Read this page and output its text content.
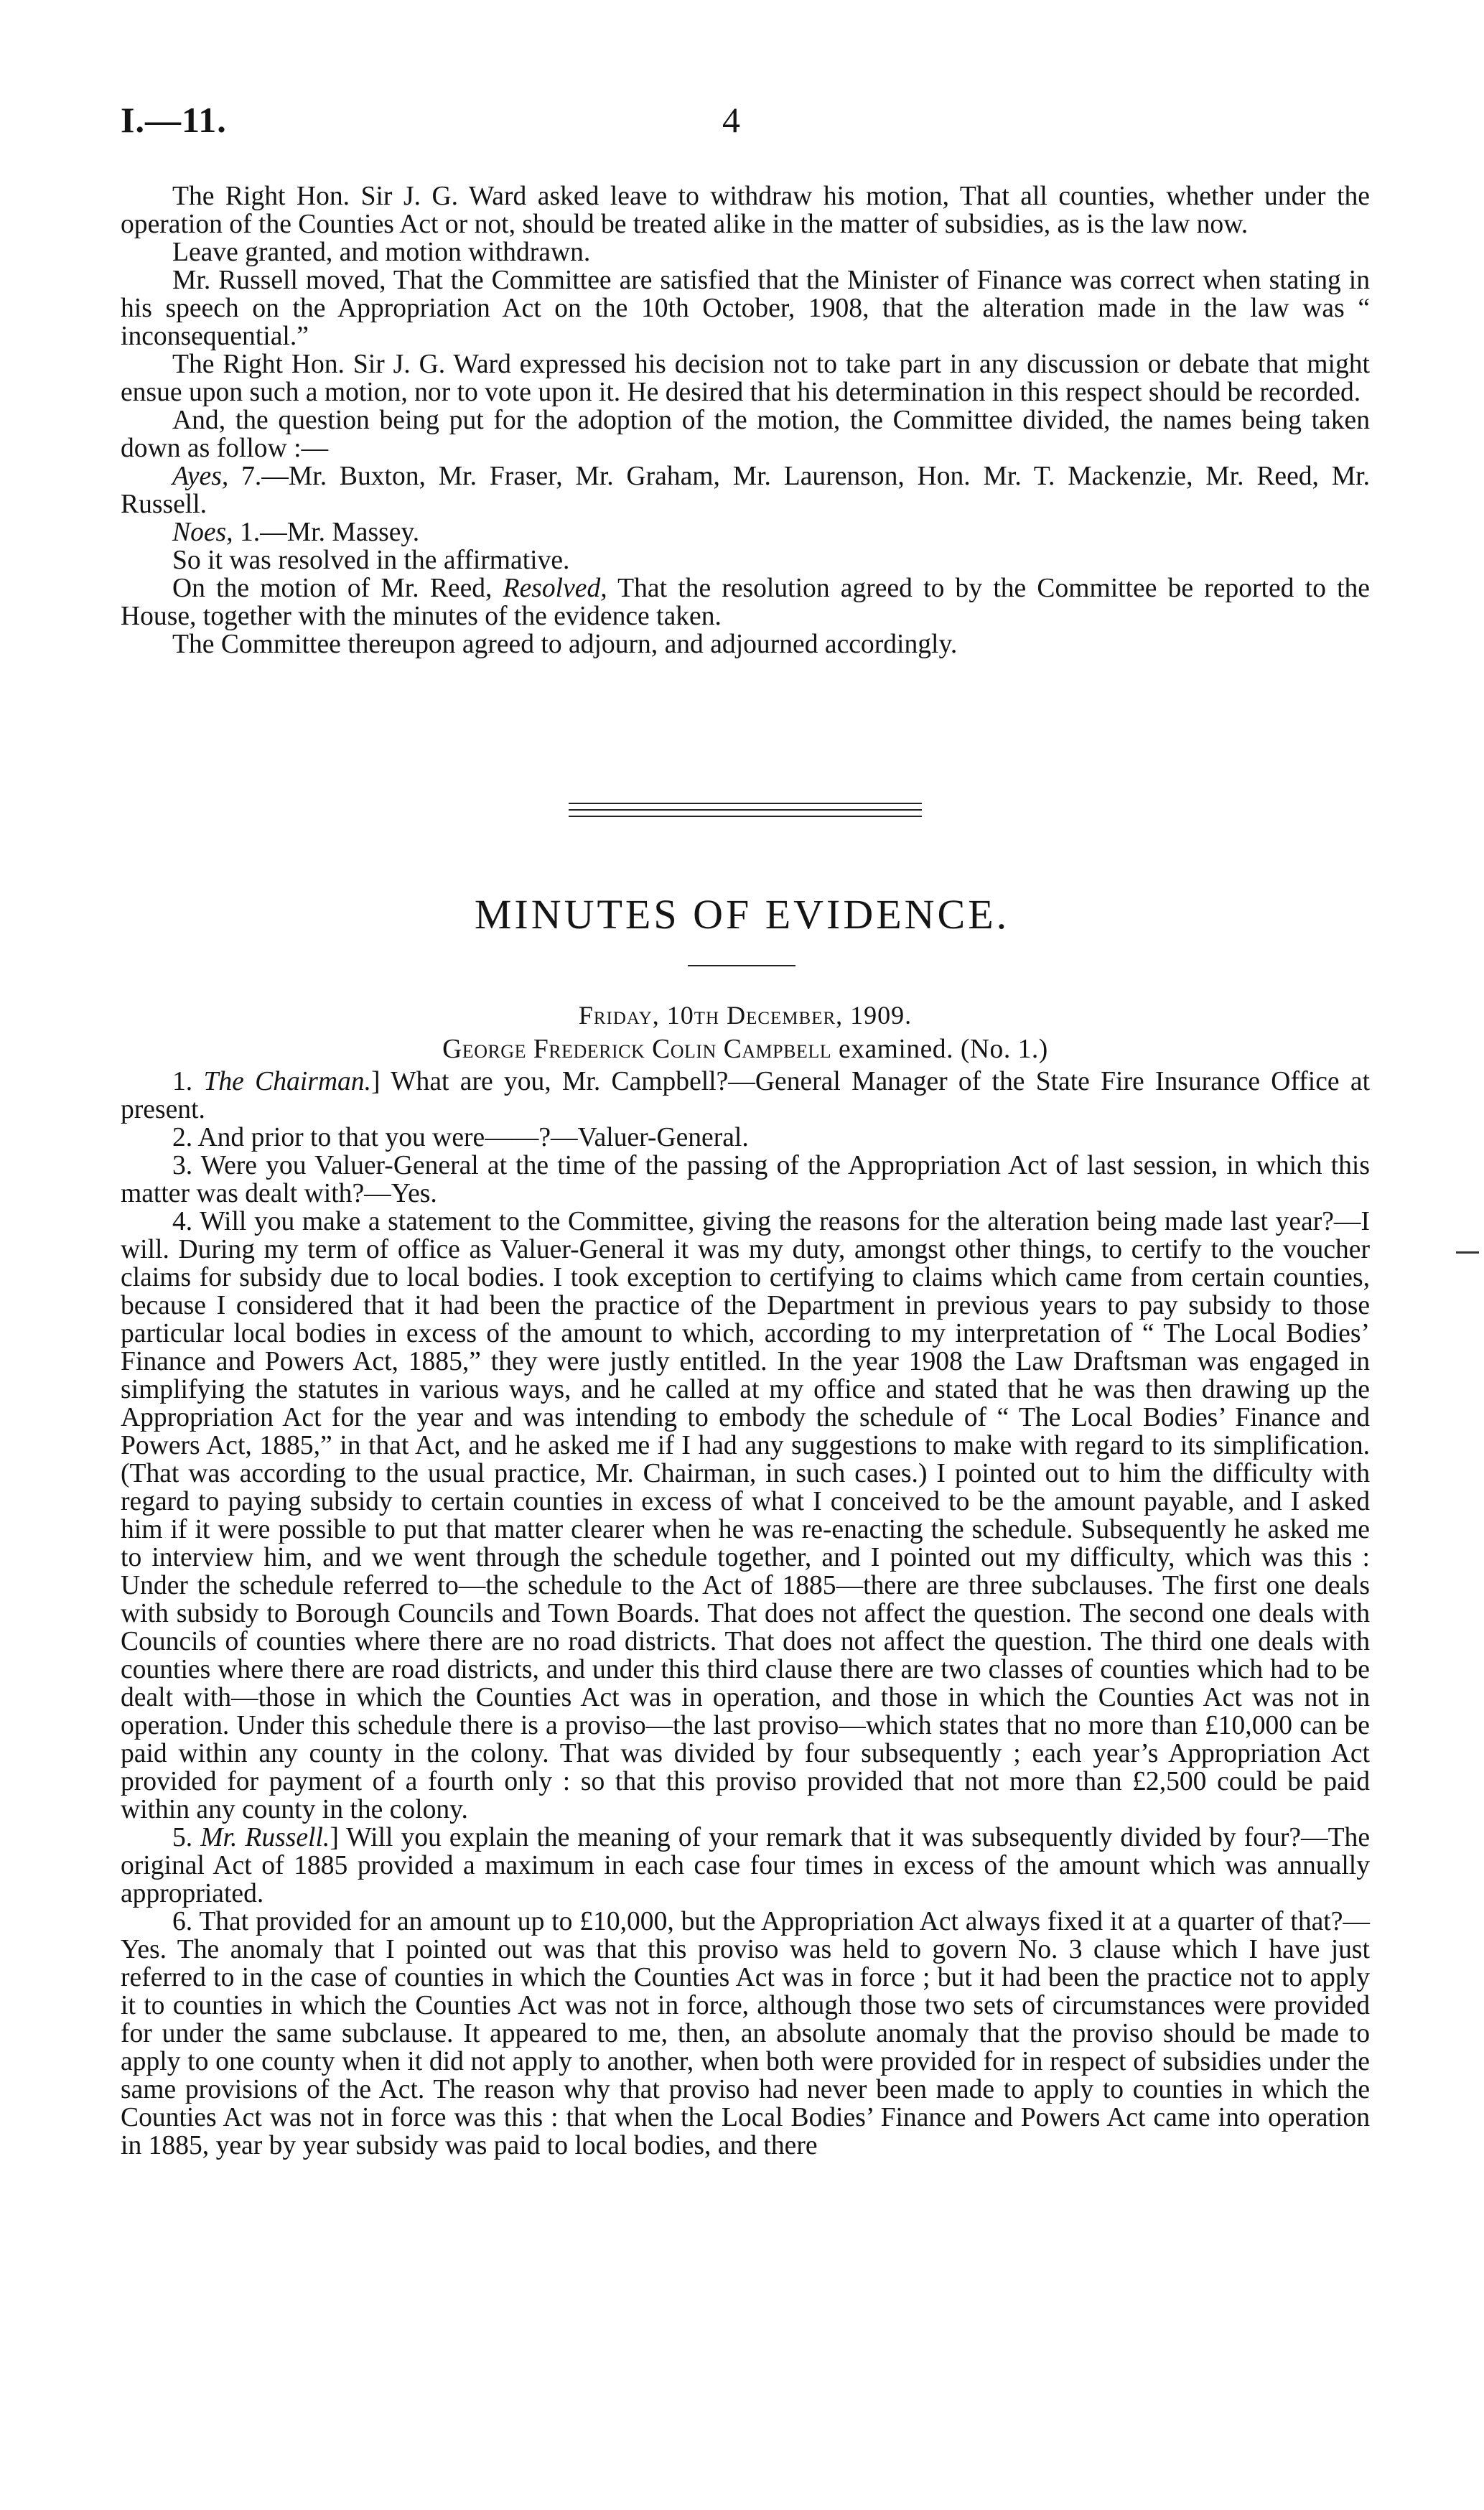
I.—11.	4

The Right Hon. Sir J. G. Ward asked leave to withdraw his motion, That all counties, whether under the operation of the Counties Act or not, should be treated alike in the matter of subsidies, as is the law now.

Leave granted, and motion withdrawn.

Mr. Russell moved, That the Committee are satisfied that the Minister of Finance was correct when stating in his speech on the Appropriation Act on the 10th October, 1908, that the alteration made in the law was “ inconsequential.”

The Right Hon. Sir J. G. Ward expressed his decision not to take part in any discussion or debate that might ensue upon such a motion, nor to vote upon it. He desired that his determination in this respect should be recorded.

And, the question being put for the adoption of the motion, the Committee divided, the names being taken down as follow :—

Ayes, 7.—Mr. Buxton, Mr. Fraser, Mr. Graham, Mr. Laurenson, Hon. Mr. T. Mackenzie, Mr. Reed, Mr. Russell.

Noes, 1.—Mr. Massey.

So it was resolved in the affirmative.

On the motion of Mr. Reed, Resolved, That the resolution agreed to by the Committee be reported to the House, together with the minutes of the evidence taken.

The Committee thereupon agreed to adjourn, and adjourned accordingly.

MINUTES OF EVIDENCE.

Friday, 10th December, 1909.

George Frederick Colin Campbell examined. (No. 1.)

1. The Chairman.] What are you, Mr. Campbell?—General Manager of the State Fire Insurance Office at present.

2. And prior to that you were——?—Valuer-General.

3. Were you Valuer-General at the time of the passing of the Appropriation Act of last session, in which this matter was dealt with?—Yes.

4. Will you make a statement to the Committee, giving the reasons for the alteration being made last year?—I will. During my term of office as Valuer-General it was my duty, amongst other things, to certify to the voucher claims for subsidy due to local bodies. I took exception to certifying to claims which came from certain counties, because I considered that it had been the practice of the Department in previous years to pay subsidy to those particular local bodies in excess of the amount to which, according to my interpretation of “ The Local Bodies’ Finance and Powers Act, 1885,” they were justly entitled. In the year 1908 the Law Draftsman was engaged in simplifying the statutes in various ways, and he called at my office and stated that he was then drawing up the Appropriation Act for the year and was intending to embody the schedule of “ The Local Bodies’ Finance and Powers Act, 1885,” in that Act, and he asked me if I had any suggestions to make with regard to its simplification. (That was according to the usual practice, Mr. Chairman, in such cases.) I pointed out to him the difficulty with regard to paying subsidy to certain counties in excess of what I conceived to be the amount payable, and I asked him if it were possible to put that matter clearer when he was re-enacting the schedule. Subsequently he asked me to interview him, and we went through the schedule together, and I pointed out my difficulty, which was this : Under the schedule referred to—the schedule to the Act of 1885—there are three subclauses. The first one deals with subsidy to Borough Councils and Town Boards. That does not affect the question. The second one deals with Councils of counties where there are no road districts. That does not affect the question. The third one deals with counties where there are road districts, and under this third clause there are two classes of counties which had to be dealt with—those in which the Counties Act was in operation, and those in which the Counties Act was not in operation. Under this schedule there is a proviso—the last proviso—which states that no more than £10,000 can be paid within any county in the colony. That was divided by four subsequently ; each year’s Appropriation Act provided for payment of a fourth only : so that this proviso provided that not more than £2,500 could be paid within any county in the colony.

5. Mr. Russell.] Will you explain the meaning of your remark that it was subsequently divided by four?—The original Act of 1885 provided a maximum in each case four times in excess of the amount which was annually appropriated.

6. That provided for an amount up to £10,000, but the Appropriation Act always fixed it at a quarter of that?—Yes. The anomaly that I pointed out was that this proviso was held to govern No. 3 clause which I have just referred to in the case of counties in which the Counties Act was in force ; but it had been the practice not to apply it to counties in which the Counties Act was not in force, although those two sets of circumstances were provided for under the same subclause. It appeared to me, then, an absolute anomaly that the proviso should be made to apply to one county when it did not apply to another, when both were provided for in respect of subsidies under the same provisions of the Act. The reason why that proviso had never been made to apply to counties in which the Counties Act was not in force was this : that when the Local Bodies’ Finance and Powers Act came into operation in 1885, year by year subsidy was paid to local bodies, and there
